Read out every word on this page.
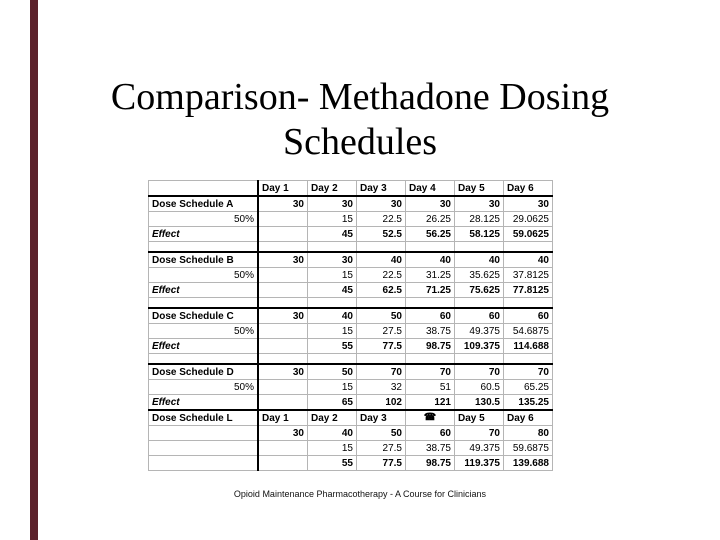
Comparison- Methadone Dosing Schedules
	Day 1	Day 2	Day 3	Day 4	Day 5	Day 6
Dose Schedule A	30	30	30	30	30	30
50%		15	22.5	26.25	28.125	29.0625
Effect		45	52.5	56.25	58.125	59.0625

Dose Schedule B	30	30	40	40	40	40
50%		15	22.5	31.25	35.625	37.8125
Effect		45	62.5	71.25	75.625	77.8125

Dose Schedule C	30	40	50	60	60	60
50%		15	27.5	38.75	49.375	54.6875
Effect		55	77.5	98.75	109.375	114.688

Dose Schedule D	30	50	70	70	70	70
50%		15	32	51	60.5	65.25
Effect		65	102	121	130.5	135.25
Dose Schedule L	Day 1	Day 2	Day 3	☎	Day 5	Day 6
	30	40	50	60	70	80
		15	27.5	38.75	49.375	59.6875
		55	77.5	98.75	119.375	139.688
Opioid Maintenance Pharmacotherapy - A Course for Clinicians
